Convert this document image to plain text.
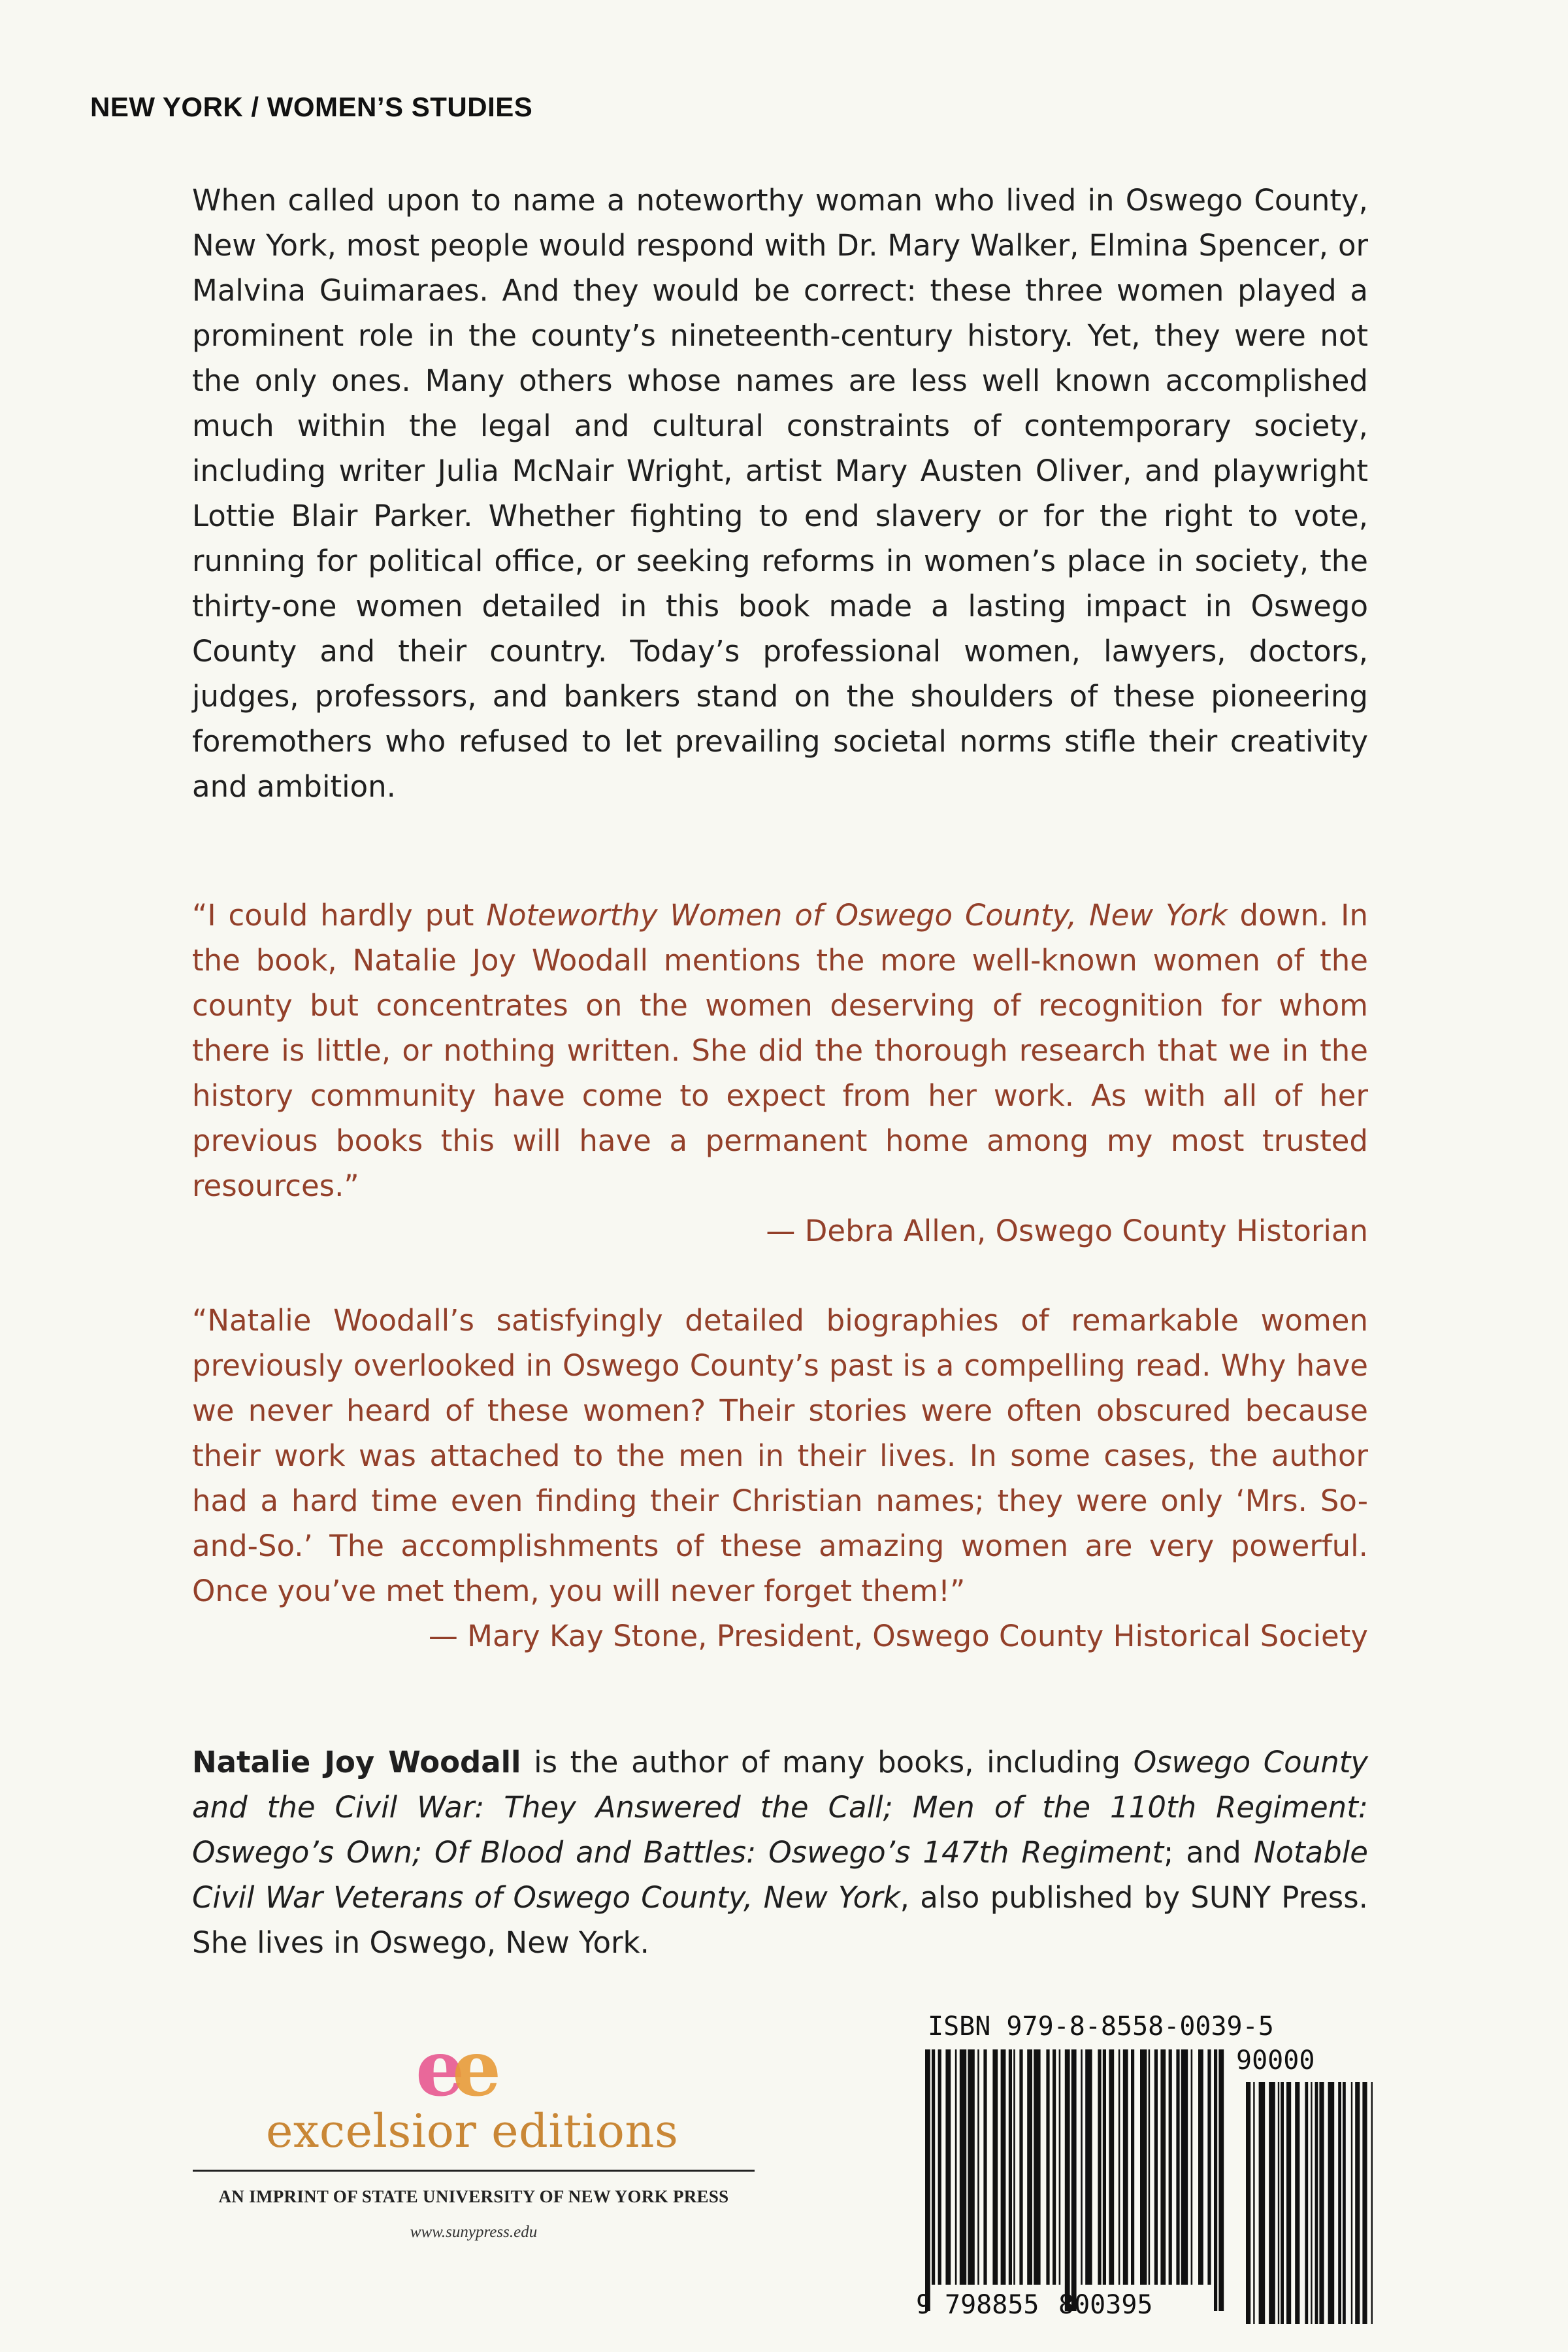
NEW YORK / WOMEN’S STUDIES

When called upon to name a noteworthy woman who lived in Oswego County, New York, most people would respond with Dr. Mary Walker, Elmina Spencer, or Malvina Guimaraes. And they would be correct: these three women played a prominent role in the county’s nineteenth-century history. Yet, they were not the only ones. Many others whose names are less well known accomplished much within the legal and cultural constraints of contemporary society, including writer Julia McNair Wright, artist Mary Austen Oliver, and playwright Lottie Blair Parker. Whether fighting to end slavery or for the right to vote, running for political office, or seeking reforms in women’s place in society, the thirty-one women detailed in this book made a lasting impact in Oswego County and their country. Today’s professional women, lawyers, doctors, judges, professors, and bankers stand on the shoulders of these pioneering foremothers who refused to let prevailing societal norms stifle their creativity and ambition.

“I could hardly put Noteworthy Women of Oswego County, New York down. In the book, Natalie Joy Woodall mentions the more well-known women of the county but concentrates on the women deserving of recognition for whom there is little, or nothing written. She did the thorough research that we in the history community have come to expect from her work. As with all of her previous books this will have a permanent home among my most trusted resources.”

— Debra Allen, Oswego County Historian

“Natalie Woodall’s satisfyingly detailed biographies of remarkable women previously overlooked in Oswego County’s past is a compelling read. Why have we never heard of these women? Their stories were often obscured because their work was attached to the men in their lives. In some cases, the author had a hard time even finding their Christian names; they were only ‘Mrs. So-and-So.’ The accomplishments of these amazing women are very powerful. Once you’ve met them, you will never forget them!”

— Mary Kay Stone, President, Oswego County Historical Society

Natalie Joy Woodall is the author of many books, including Oswego County and the Civil War: They Answered the Call; Men of the 110th Regiment: Oswego’s Own; Of Blood and Battles: Oswego’s 147th Regiment; and Notable Civil War Veterans of Oswego County, New York, also published by SUNY Press. She lives in Oswego, New York.

e
e
excelsior editions
AN IMPRINT OF STATE UNIVERSITY OF NEW YORK PRESS
www.sunypress.edu
ISBN 979-8-8558-0039-5
90000
9 798855 800395
